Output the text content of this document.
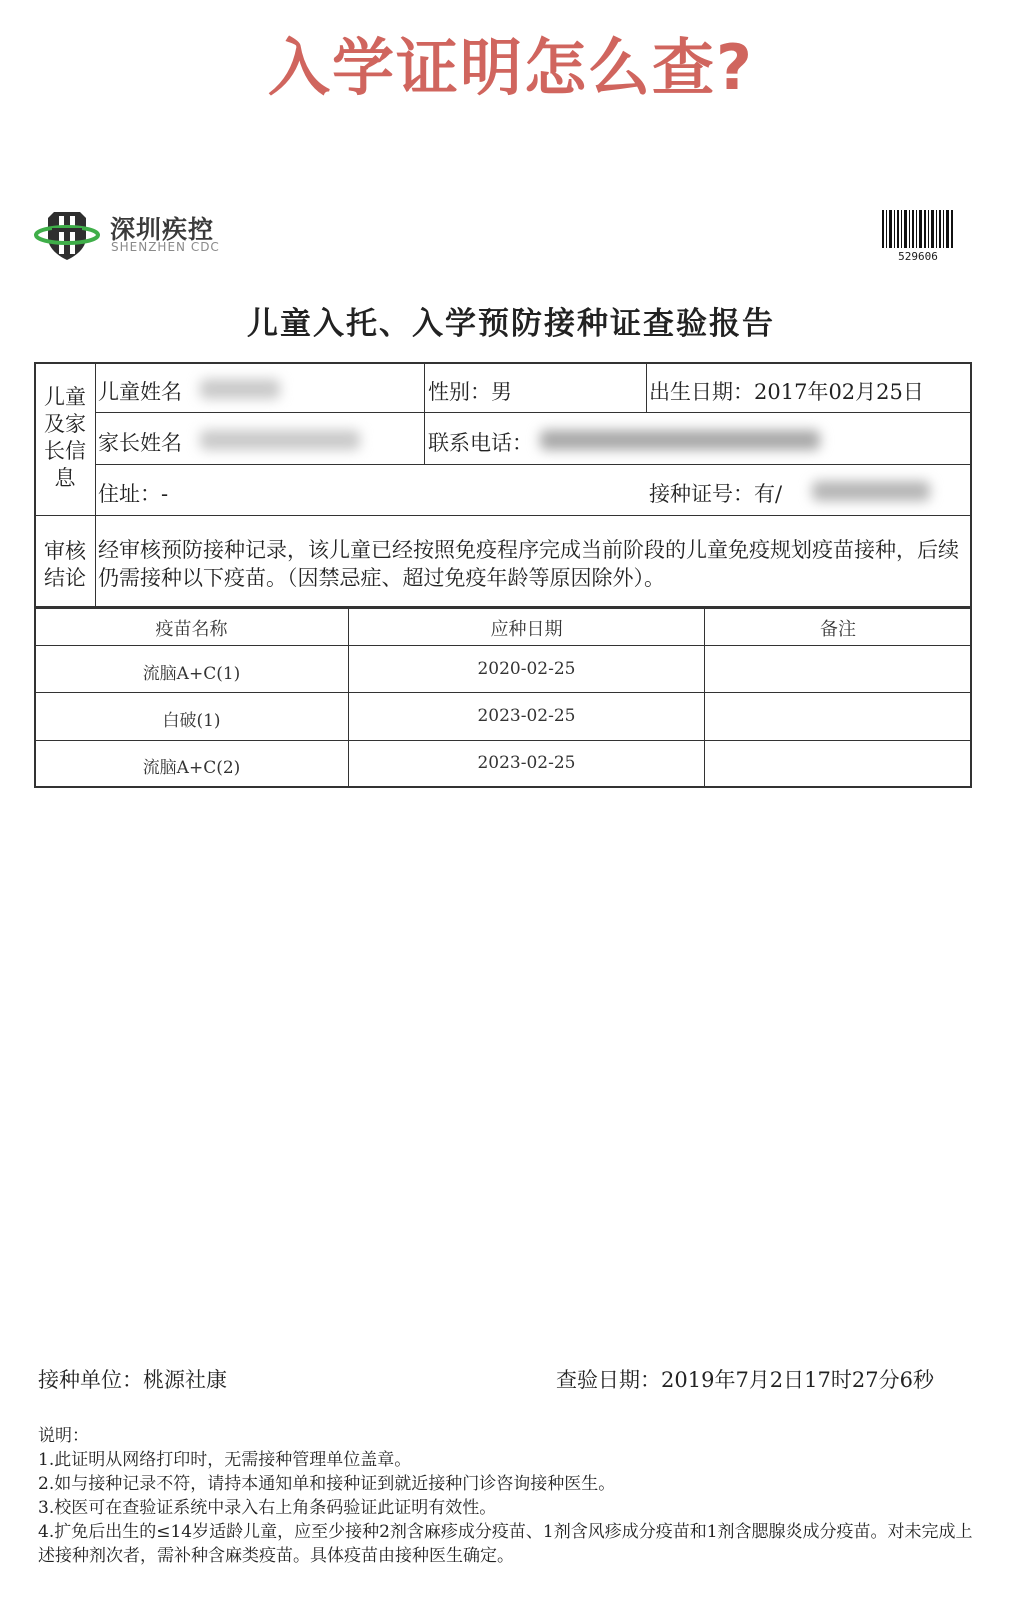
入学证明怎么查?
深圳疾控
SHENZHEN CDC
529606
儿童入托、入学预防接种证查验报告
儿童及家长信息
儿童姓名	性别：男	出生日期：2017年02月25日
家长姓名	联系电话：
住址：-	接种证号：有/
审核结论
经审核预防接种记录，该儿童已经按照免疫程序完成当前阶段的儿童免疫规划疫苗接种，后续仍需接种以下疫苗。（因禁忌症、超过免疫年龄等原因除外）。
疫苗名称	应种日期	备注
流脑A+C(1)	2020-02-25
白破(1)	2023-02-25
流脑A+C(2)	2023-02-25
接种单位：桃源社康	查验日期：2019年7月2日17时27分6秒
说明：
1.此证明从网络打印时，无需接种管理单位盖章。
2.如与接种记录不符，请持本通知单和接种证到就近接种门诊咨询接种医生。
3.校医可在查验证系统中录入右上角条码验证此证明有效性。
4.扩免后出生的≤14岁适龄儿童，应至少接种2剂含麻疹成分疫苗、1剂含风疹成分疫苗和1剂含腮腺炎成分疫苗。对未完成上述接种剂次者，需补种含麻类疫苗。具体疫苗由接种医生确定。
